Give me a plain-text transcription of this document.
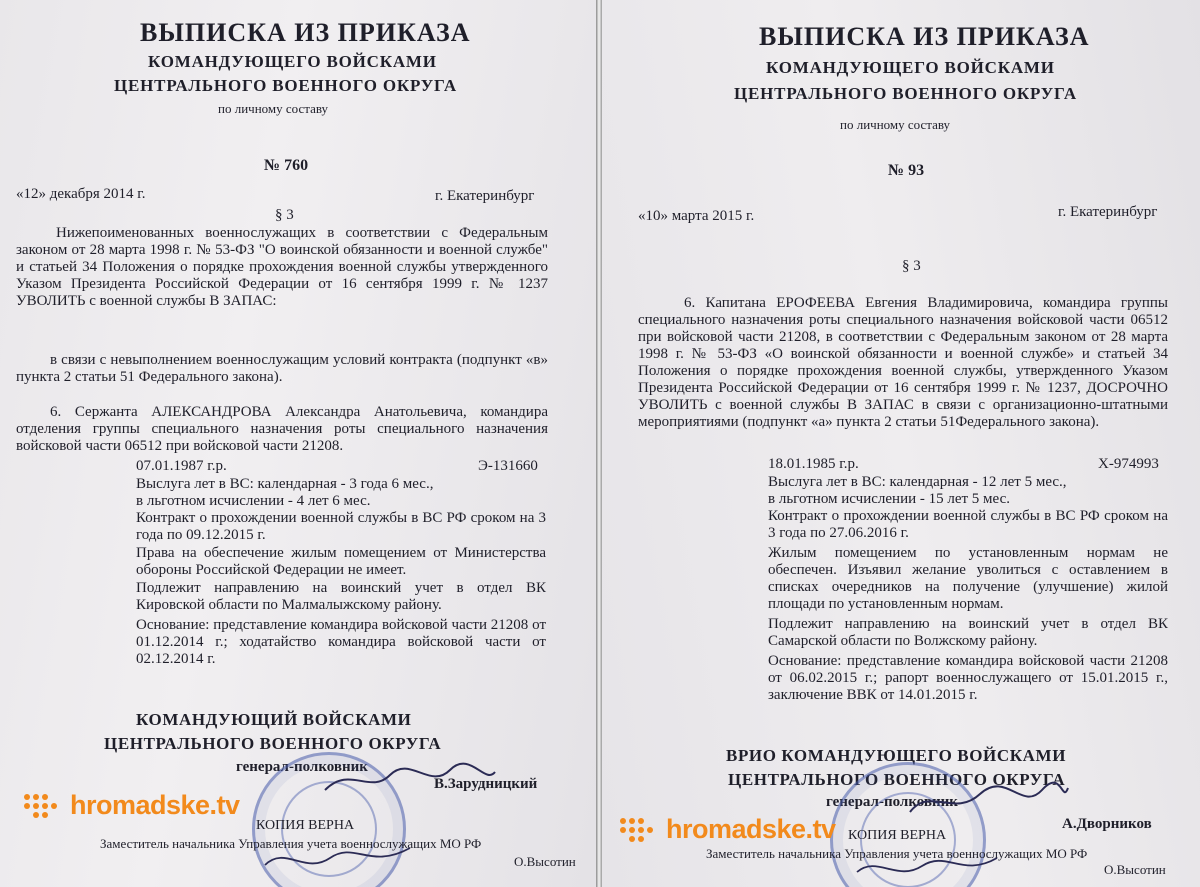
ВЫПИСКА ИЗ ПРИКАЗА
КОМАНДУЮЩЕГО ВОЙСКАМИ
ЦЕНТРАЛЬНОГО ВОЕННОГО ОКРУГА
по личному составу
№ 760
«12» декабря 2014 г.	г. Екатеринбург
§ 3
Нижепоименованных военнослужащих в соответствии с Федеральным законом от 28 марта 1998 г. № 53-ФЗ "О воинской обязанности и военной службе" и статьей 34 Положения о порядке прохождения военной службы утвержденного Указом Президента Российской Федерации от 16 сентября 1999 г. № 1237 УВОЛИТЬ с военной службы В ЗАПАС:
в связи с невыполнением военнослужащим условий контракта (подпункт «в» пункта 2 статьи 51 Федерального закона).
6. Сержанта АЛЕКСАНДРОВА Александра Анатольевича, командира отделения группы специального назначения роты специального назначения войсковой части 06512 при войсковой части 21208.
07.01.1987 г.р.	Э-131660
Выслуга лет в ВС: календарная - 3 года 6 мес.,
в льготном исчислении - 4 лет 6 мес.
Контракт о прохождении военной службы в ВС РФ сроком на 3 года по 09.12.2015 г.
Права на обеспечение жилым помещением от Министерства обороны Российской Федерации не имеет.
Подлежит направлению на воинский учет в отдел ВК Кировской области по Малмалыжскому району.
Основание: представление командира войсковой части 21208 от 01.12.2014 г.; ходатайство командира войсковой части от 02.12.2014 г.
КОМАНДУЮЩИЙ ВОЙСКАМИ
ЦЕНТРАЛЬНОГО ВОЕННОГО ОКРУГА
генерал-полковник
В.Зарудницкий
КОПИЯ ВЕРНА
Заместитель начальника Управления учета военнослужащих МО РФ
О.Высотин
hromadske.tv
ВЫПИСКА ИЗ ПРИКАЗА
КОМАНДУЮЩЕГО ВОЙСКАМИ
ЦЕНТРАЛЬНОГО ВОЕННОГО ОКРУГА
по личному составу
№ 93
«10» марта 2015 г.	г. Екатеринбург
§ 3
6. Капитана ЕРОФЕЕВА Евгения Владимировича, командира группы специального назначения роты специального назначения войсковой части 06512 при войсковой части 21208, в соответствии с Федеральным законом от 28 марта 1998 г. № 53-ФЗ «О воинской обязанности и военной службе» и статьей 34 Положения о порядке прохождения военной службы, утвержденного Указом Президента Российской Федерации от 16 сентября 1999 г. № 1237, ДОСРОЧНО УВОЛИТЬ с военной службы В ЗАПАС в связи с организационно-штатными мероприятиями (подпункт «а» пункта 2 статьи 51Федерального закона).
18.01.1985 г.р.	Х-974993
Выслуга лет в ВС: календарная - 12 лет 5 мес.,
в льготном исчислении - 15 лет 5 мес.
Контракт о прохождении военной службы в ВС РФ сроком на 3 года по 27.06.2016 г.
Жилым помещением по установленным нормам не обеспечен. Изъявил желание уволиться с оставлением в списках очередников на получение (улучшение) жилой площади по установленным нормам.
Подлежит направлению на воинский учет в отдел ВК Самарской области по Волжскому району.
Основание: представление командира войсковой части 21208 от 06.02.2015 г.; рапорт военнослужащего от 15.01.2015 г., заключение ВВК от 14.01.2015 г.
ВРИО КОМАНДУЮЩЕГО ВОЙСКАМИ
ЦЕНТРАЛЬНОГО ВОЕННОГО ОКРУГА
генерал-полковник
А.Дворников
КОПИЯ ВЕРНА
Заместитель начальника Управления учета военнослужащих МО РФ
О.Высотин
hromadske.tv
